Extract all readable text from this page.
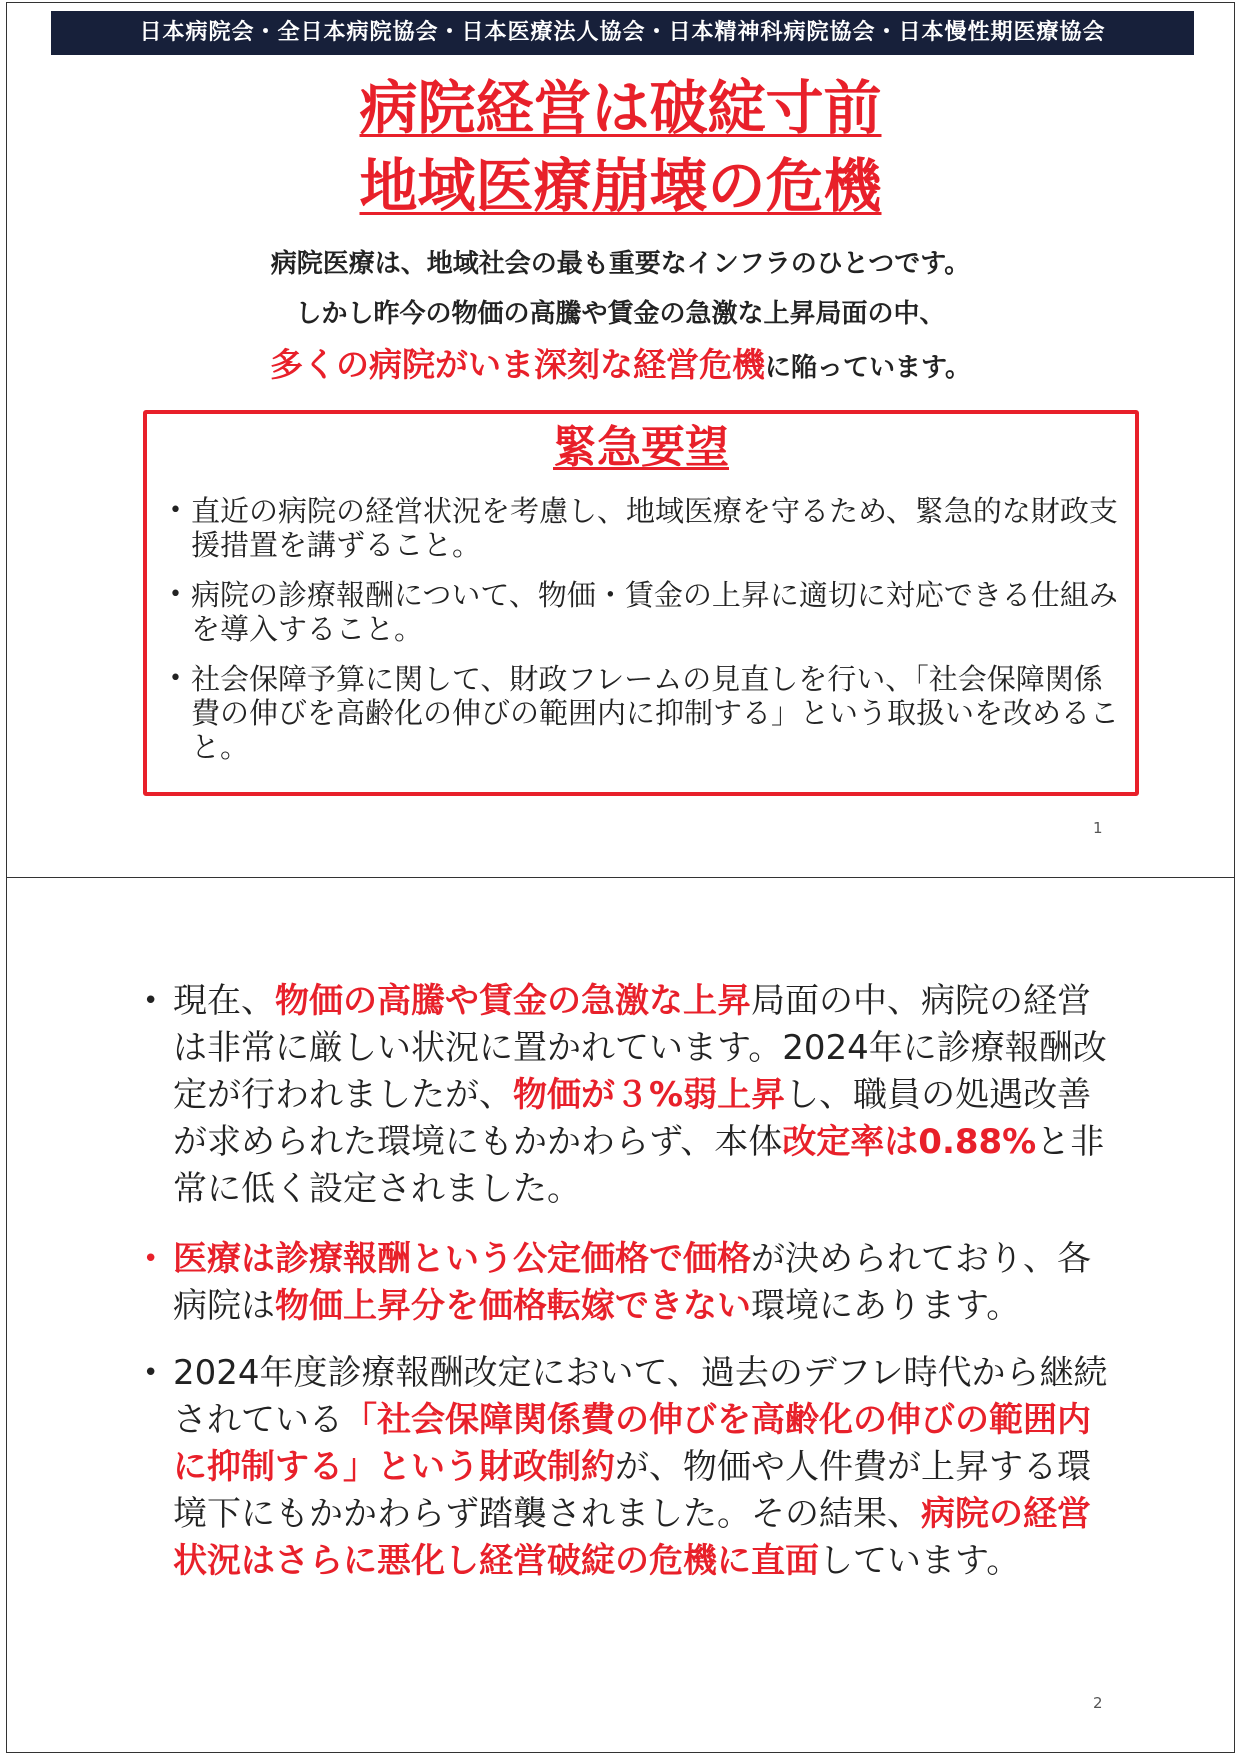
日本病院会・全日本病院協会・日本医療法人協会・日本精神科病院協会・日本慢性期医療協会
病院経営は破綻寸前
地域医療崩壊の危機
病院医療は、地域社会の最も重要なインフラのひとつです。
しかし昨今の物価の高騰や賃金の急激な上昇局面の中、
多くの病院がいま深刻な経営危機に陥っています。
緊急要望
• 直近の病院の経営状況を考慮し、地域医療を守るため、緊急的な財政支援措置を講ずること。
• 病院の診療報酬について、物価・賃金の上昇に適切に対応できる仕組みを導入すること。
• 社会保障予算に関して、財政フレームの見直しを行い、「社会保障関係費の伸びを高齢化の伸びの範囲内に抑制する」という取扱いを改めること。
1
• 現在、物価の高騰や賃金の急激な上昇局面の中、病院の経営は非常に厳しい状況に置かれています。2024年に診療報酬改定が行われましたが、物価が３%弱上昇し、職員の処遇改善が求められた環境にもかかわらず、本体改定率は0.88%と非常に低く設定されました。
• 医療は診療報酬という公定価格で価格が決められており、各病院は物価上昇分を価格転嫁できない環境にあります。
• 2024年度診療報酬改定において、過去のデフレ時代から継続されている「社会保障関係費の伸びを高齢化の伸びの範囲内に抑制する」という財政制約が、物価や人件費が上昇する環境下にもかかわらず踏襲されました。その結果、病院の経営状況はさらに悪化し経営破綻の危機に直面しています。
2
